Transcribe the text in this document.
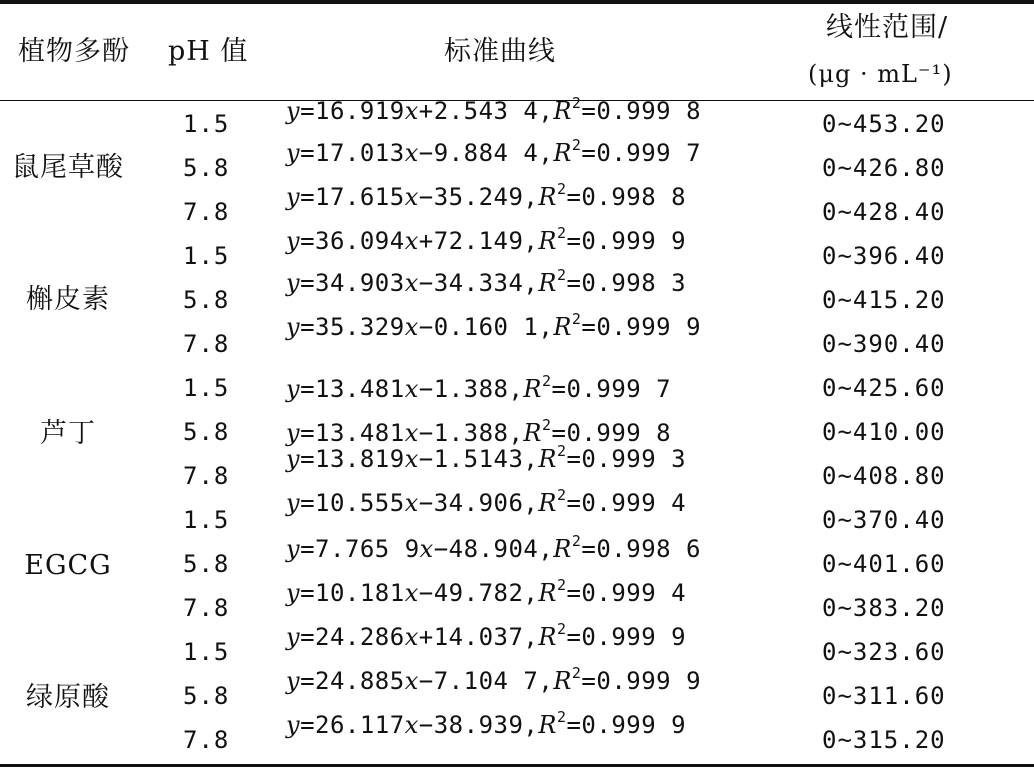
植物多酚 pH 值	标准曲线
线性范围/
(μg · mL⁻¹)
鼠尾草酸
1.5
5.8
7.8
y=16.919x+2.543 $4,R^2=0.999$ 8
y=17.013x−9.884 $4,R^2=0.999$ 7
$y=17.615x-35.249,R^2=0.998$ 8
0~453.20
0~426.80
0~428.40
槲皮素
1.5
5.8
7.8
$y=36.094x+72.149,R^2=0.999$ 9
$y=34.903x-34.334,R^2=0.998$ 3
y=35.329x−0.160 $1,R^2=0.999$ 9
0~396.40
0~415.20
0~390.40
芦丁
1.5
5.8
7.8
$y=13.481x-1.388,R^2=0.999$ 7
$y=13.481x-1.388,R^2=0.999$ 8
$y=13.819x-1.5143,R^2=0.999$ 3
0~425.60
0~410.00
0~408.80
EGCG
1.5
5.8
7.8
$y=10.555x-34.906,R^2=0.999$ 4
y=7.765 $9x-48.904,R^2=0.998$ 6
$y=10.181x-49.782,R^2=0.999$ 4
0~370.40
0~401.60
0~383.20
绿原酸
1.5
5.8
7.8
$y=24.286x+14.037,R^2=0.999$ 9
y=24.885x−7.104 $7,R^2=0.999$ 9
$y=26.117x-38.939,R^2=0.999$ 9
0~323.60
0~311.60
0~315.20
